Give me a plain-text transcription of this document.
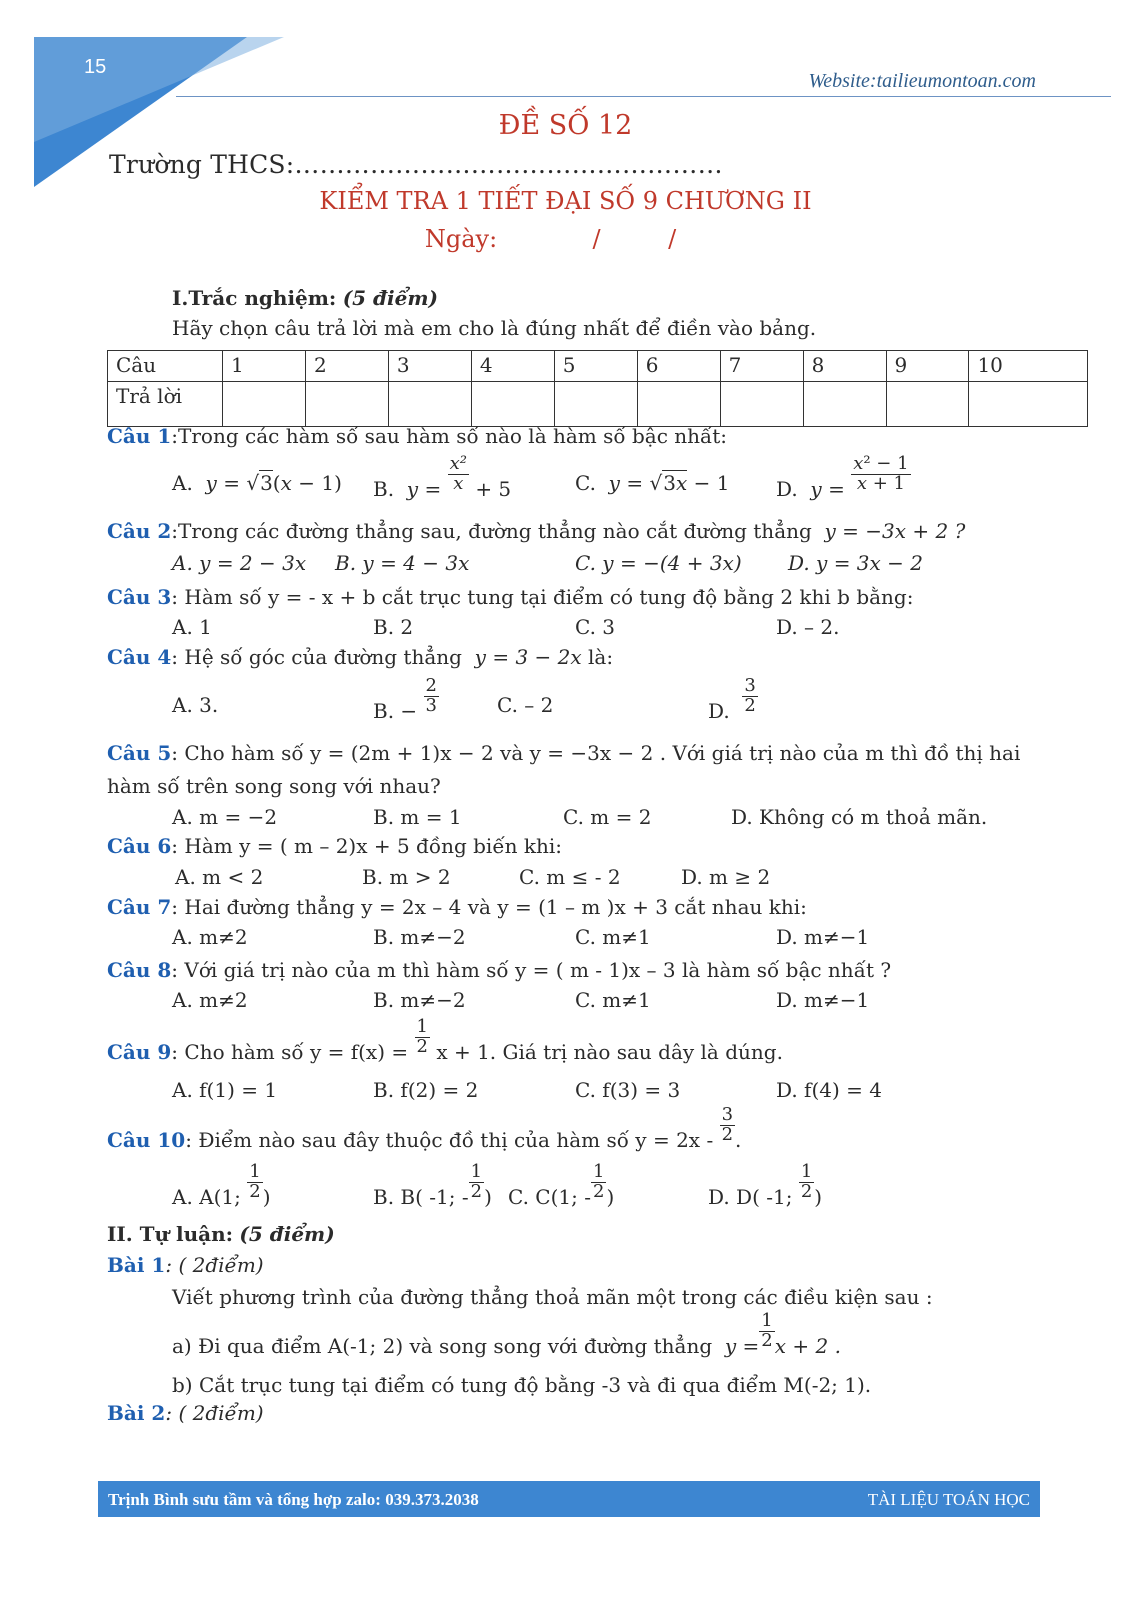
15
Website:tailieumontoan.com
ĐỀ SỐ 12
Trường THCS:……………………………………………
KIỂM TRA 1 TIẾT ĐẠI SỐ 9 CHƯƠNG II
Ngày:	/	/
I.Trắc nghiệm: (5 điểm)
Hãy chọn câu trả lời mà em cho là đúng nhất để điền vào bảng.
Câu	1	2	3	4	5	6	7	8	9	10
Trả lời										
Câu 1:Trong các hàm số sau hàm số nào là hàm số bậc nhất:
A. y = √3(x − 1) B. $y = \frac{\text{x²}}{x} + 5$	C. y = √3x − 1 D. $y = \frac{\text{x² − 1}}{x + 1}$
Câu 2:Trong các đường thẳng sau, đường thẳng nào cắt đường thẳng y = −3x + 2 ?
A. y = 2 − 3x B. y = 4 − 3x	C. y = −(4 + 3x) D. y = 3x − 2
Câu 3: Hàm số y = - x + b cắt trục tung tại điểm có tung độ bằng 2 khi b bằng:
A. 1	B. 2	C. 3	D. – 2.
Câu 4: Hệ số góc của đường thẳng y = 3 − 2x là:
A. 3.	B. − $\frac{2}{3}$	C. – 2	D. $\frac{3}{2}$
Câu 5: Cho hàm số y = (2m + 1)x − 2 và y = −3x − 2 . Với giá trị nào của m thì đồ thị hai
hàm số trên song song với nhau?
A. m = −2	B. m = 1	C. m = 2	D. Không có m thoả mãn.
Câu 6: Hàm y = ( m – 2)x + 5 đồng biến khi:
A. m < 2	B. m > 2	C. m ≤ - 2	D. m ≥ 2
Câu 7: Hai đường thẳng y = 2x – 4 và y = (1 – m )x + 3 cắt nhau khi:
A. m≠2	B. m≠−2	C. m≠1	D. m≠−1
Câu 8: Với giá trị nào của m thì hàm số y = ( m - 1)x – 3 là hàm số bậc nhất ?
A. m≠2	B. m≠−2	C. m≠1	D. m≠−1
Câu 9: Cho hàm số $y = f(x) = \frac{1}{2}$ x + 1. Giá trị nào sau dây là dúng.
A. f(1) = 1	B. f(2) = 2	C. f(3) = 3	D. f(4) = 4
Câu 10: Điểm nào sau đây thuộc đồ thị của hàm số $y = 2x - \frac{3}{2}$ .
A. A(1; $\frac{1}{2}$ )	B. B( -1; - $\frac{1}{2}$ ) C. C(1; - $\frac{1}{2}$ )	D. D( -1; $\frac{1}{2}$ )
II. Tự luận: (5 điểm)
Bài 1: ( 2điểm)
Viết phương trình của đường thẳng thoả mãn một trong các điều kiện sau :
a) Đi qua điểm A(-1; 2) và song song với đường thẳng $y = \frac{1}{2}$ x + 2 .
b) Cắt trục tung tại điểm có tung độ bằng -3 và đi qua điểm M(-2; 1).
Bài 2: ( 2điểm)
Trịnh Bình sưu tầm và tổng hợp zalo: 039.373.2038	TÀI LIỆU TOÁN HỌC
